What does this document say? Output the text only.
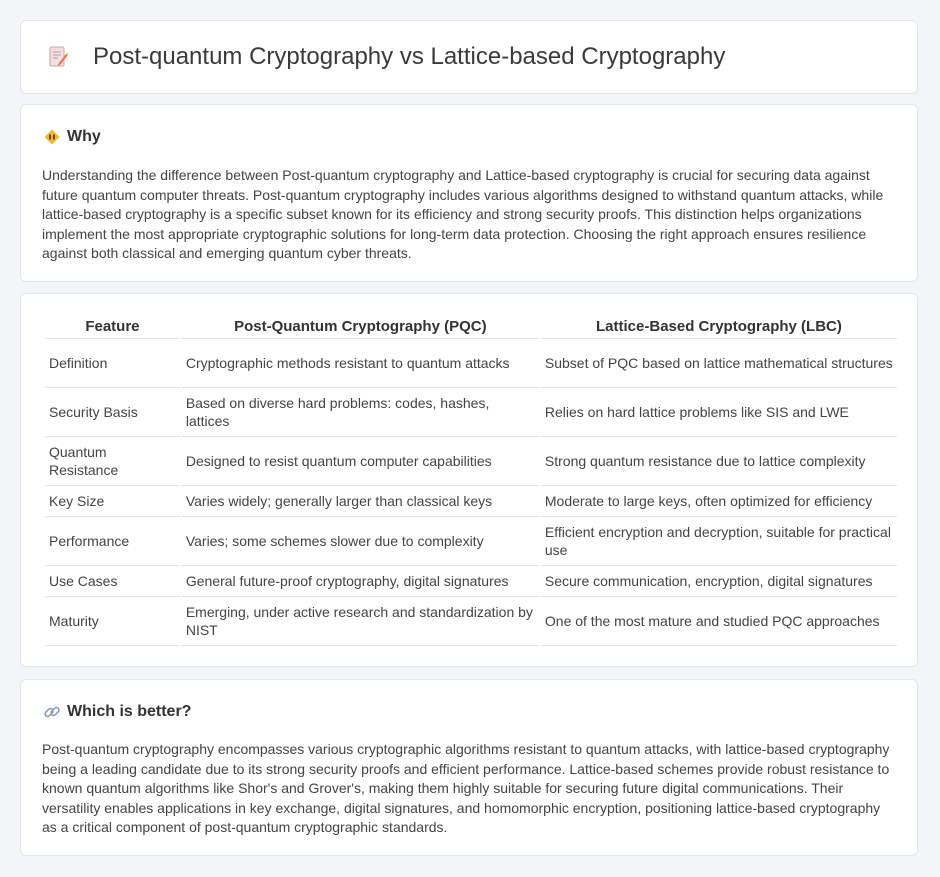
Post-quantum Cryptography vs Lattice-based Cryptography
Why

Understanding the difference between Post-quantum cryptography and Lattice-based cryptography is crucial for securing data against future quantum computer threats. Post-quantum cryptography includes various algorithms designed to withstand quantum attacks, while lattice-based cryptography is a specific subset known for its efficiency and strong security proofs. This distinction helps organizations implement the most appropriate cryptographic solutions for long-term data protection. Choosing the right approach ensures resilience against both classical and emerging quantum cyber threats.

Feature	Post-Quantum Cryptography (PQC)	Lattice-Based Cryptography (LBC)
Definition	Cryptographic methods resistant to quantum attacks	Subset of PQC based on lattice mathematical structures
Security Basis	Based on diverse hard problems: codes, hashes, lattices	Relies on hard lattice problems like SIS and LWE
Quantum Resistance	Designed to resist quantum computer capabilities	Strong quantum resistance due to lattice complexity
Key Size	Varies widely; generally larger than classical keys	Moderate to large keys, often optimized for efficiency
Performance	Varies; some schemes slower due to complexity	Efficient encryption and decryption, suitable for practical use
Use Cases	General future-proof cryptography, digital signatures	Secure communication, encryption, digital signatures
Maturity	Emerging, under active research and standardization by NIST	One of the most mature and studied PQC approaches
Which is better?

Post-quantum cryptography encompasses various cryptographic algorithms resistant to quantum attacks, with lattice-based cryptography being a leading candidate due to its strong security proofs and efficient performance. Lattice-based schemes provide robust resistance to known quantum algorithms like Shor's and Grover's, making them highly suitable for securing future digital communications. Their versatility enables applications in key exchange, digital signatures, and homomorphic encryption, positioning lattice-based cryptography as a critical component of post-quantum cryptographic standards.
